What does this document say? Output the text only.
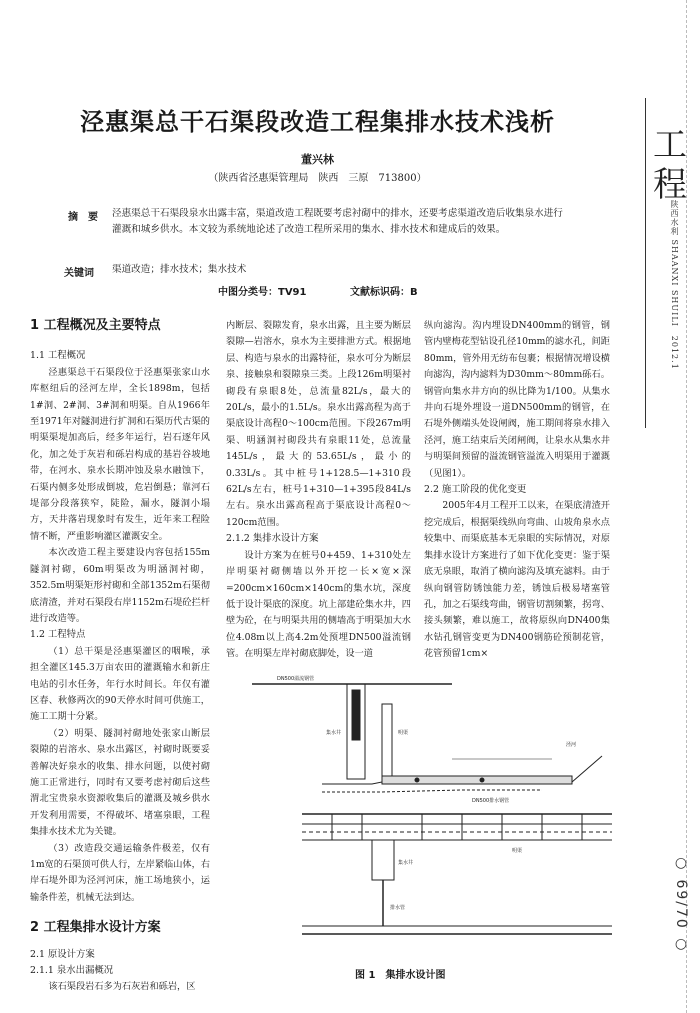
工
程
陕西水利 SHAANXI SHUILI　2012.1
○ 69/70 ○
泾惠渠总干石渠段改造工程集排水技术浅析
董兴林
（陕西省泾惠渠管理局　陕西　三原　713800）
摘　要 泾惠渠总干石渠段泉水出露丰富，渠道改造工程既要考虑衬砌中的排水，还要考虑渠道改造后收集泉水进行灌溉和城乡供水。本文较为系统地论述了改造工程所采用的集水、排水技术和建成后的效果。
关键词 渠道改造；排水技术；集水技术
中图分类号：TV91	文献标识码：B

1 工程概况及主要特点

1.1 工程概况

泾惠渠总干石渠段位于泾惠渠张家山水库枢纽后的泾河左岸，全长1898m，包括1#洞、2#洞、3#洞和明渠。自从1966年至1971年对隧洞进行扩洞和石渠历代古渠的明渠渠堤加高后，经多年运行，岩石逐年风化，加之处于灰岩和砾岩构成的基岩谷坡地带，在河水、泉水长期冲蚀及泉水融蚀下，石渠内侧多处形成倒坡，危岩倒悬；靠河石堤部分段落狭窄，陡险，漏水，隧洞小塌方，天井落岩现象时有发生，近年来工程险情不断，严重影响灌区灌溉安全。

本次改造工程主要建设内容包括155m隧洞衬砌，60m明渠改为明涵洞衬砌，352.5m明渠矩形衬砌和全部1352m石渠彻底清渣，并对石渠段右岸1152m石堤砼拦杆进行改造等。

1.2 工程特点

（1）总干渠是泾惠渠灌区的咽喉，承担全灌区145.3万亩农田的灌溉输水和新庄电站的引水任务，年行水时间长。年仅有灌区春、秋修两次的90天停水时间可供施工，施工工期十分紧。

（2）明渠、隧洞衬砌地处张家山断层裂隙的岩溶水、泉水出露区，衬砌时既要妥善解决好泉水的收集、排水问题，以使衬砌施工正常进行，同时有又要考虑衬砌后这些渭北宝贵泉水资源收集后的灌溉及城乡供水开发利用需要，不得破坏、堵塞泉眼，工程集排水技术尤为关键。

（3）改造段交通运输条件极差，仅有1m宽的石渠顶可供人行，左岸紧临山体，右岸石堤外即为泾河河床，施工场地狭小，运输条件差，机械无法到达。

2 工程集排水设计方案

2.1 原设计方案

2.1.1 泉水出漏概况

该石渠段岩石多为石灰岩和砾岩，区

内断层、裂隙发育，泉水出露，且主要为断层裂隙—岩溶水，泉水为主要排泄方式。根据地层、构造与泉水的出露特征，泉水可分为断层泉、接触泉和裂隙泉三类。上段126m明渠衬砌段有泉眼8处，总流量82L/s，最大的20L/s，最小的1.5L/s。泉水出露高程为高于渠底设计高程0～100cm范围。下段267m明渠、明涵洞衬砌段共有泉眼11处，总流量145L/s，最大的53.65L/s，最小的0.33L/s。其中桩号1+128.5—1+310段62L/s左右，桩号1+310—1+395段84L/s左右。泉水出露高程高于渠底设计高程0～120cm范围。

2.1.2 集排水设计方案

设计方案为在桩号0+459、1+310处左岸明渠衬砌侧墙以外开挖一长×宽×深=200cm×160cm×140cm的集水坑，深度低于设计渠底的深度。坑上部建砼集水井，四壁为砼，在与明渠共用的侧墙高于明渠加大水位4.08m以上高4.2m处预埋DN500溢流钢管。在明渠左岸衬砌底脚处，设一道

纵向滤沟。沟内埋设DN400mm的钢管，钢管内壁梅花型钻设孔径10mm的滤水孔，间距80mm，管外用无纺布包裹；根据情况增设横向滤沟，沟内滤料为D30mm～80mm砾石。钢管向集水井方向的纵比降为1/100。从集水井向石堤外埋设一道DN500mm的钢管，在石堤外侧端头处设闸阀，施工期间将泉水排入泾河，施工结束后关闭闸阀，让泉水从集水井与明渠间预留的溢流钢管溢流入明渠用于灌溉（见图1）。

2.2 施工阶段的优化变更

2005年4月工程开工以来，在渠底清渣开挖完成后，根据渠线纵向弯曲、山坡角泉水点较集中、而渠底基本无泉眼的实际情况，对原集排水设计方案进行了如下优化变更：鉴于渠底无泉眼，取消了横向滤沟及填充滤料。由于纵向钢管防锈蚀能力差，锈蚀后极易堵塞管孔，加之石渠线弯曲，钢管切割频繁，拐弯、接头频繁，难以施工，故将原纵向DN400集水钻孔钢管变更为DN400钢筋砼预制花管，花管预留1cm×

DN500溢流钢管
集水井	明渠
泾河
DN500排水钢管
集水井
排水管
明渠
图 1　集排水设计图
